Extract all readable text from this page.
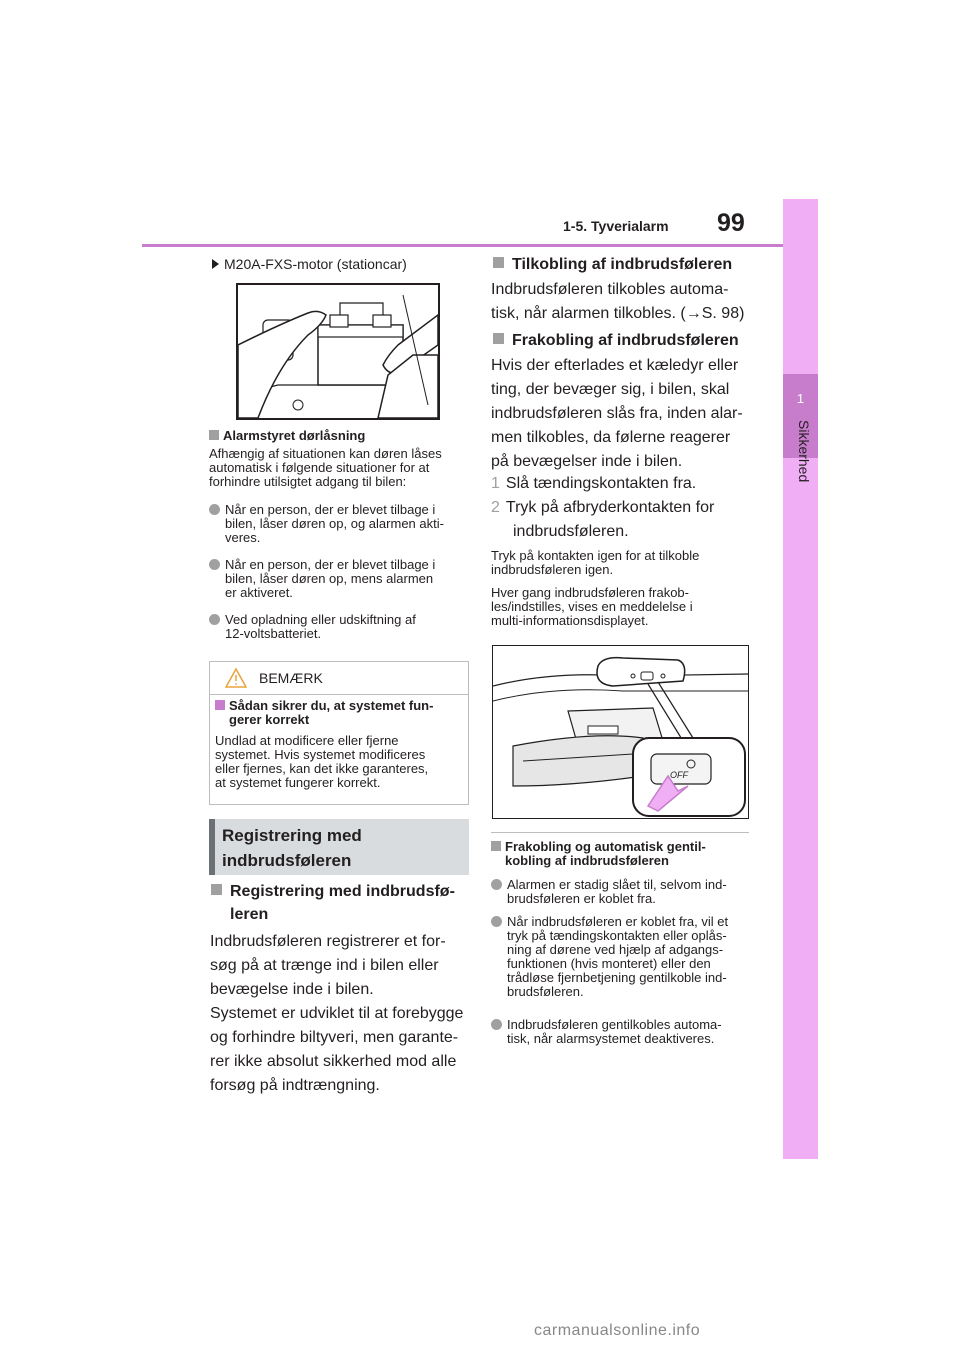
1-5. Tyverialarm 99
1
Sikkerhed
M20A-FXS-motor (stationcar)
Alarmstyret dørlåsning
Afhængig af situationen kan døren låses
automatisk i følgende situationer for at
forhindre utilsigtet adgang til bilen:
Når en person, der er blevet tilbage i
bilen, låser døren op, og alarmen akti-
veres.
Når en person, der er blevet tilbage i
bilen, låser døren op, mens alarmen
er aktiveret.
Ved opladning eller udskiftning af
12-voltsbatteriet.
BEMÆRK
Sådan sikrer du, at systemet fun-
gerer korrekt
Undlad at modificere eller fjerne
systemet. Hvis systemet modificeres
eller fjernes, kan det ikke garanteres,
at systemet fungerer korrekt.
Registrering med
indbrudsføleren
Registrering med indbrudsfø-
leren
Indbrudsføleren registrerer et for-
søg på at trænge ind i bilen eller
bevægelse inde i bilen.
Systemet er udviklet til at forebygge
og forhindre biltyveri, men garante-
rer ikke absolut sikkerhed mod alle
forsøg på indtrængning.
Tilkobling af indbrudsføleren
Indbrudsføleren tilkobles automa-
tisk, når alarmen tilkobles. (→S. 98)
Frakobling af indbrudsføleren
Hvis der efterlades et kæledyr eller
ting, der bevæger sig, i bilen, skal
indbrudsføleren slås fra, inden alar-
men tilkobles, da følerne reagerer
på bevægelser inde i bilen.
1 Slå tændingskontakten fra.
2 Tryk på afbryderkontakten for
indbrudsføleren.
Tryk på kontakten igen for at tilkoble
indbrudsføleren igen.
Hver gang indbrudsføleren frakob-
les/indstilles, vises en meddelelse i
multi-informationsdisplayet.
OFF
Frakobling og automatisk gentil-
kobling af indbrudsføleren
Alarmen er stadig slået til, selvom ind-
brudsføleren er koblet fra.
Når indbrudsføleren er koblet fra, vil et
tryk på tændingskontakten eller oplås-
ning af dørene ved hjælp af adgangs-
funktionen (hvis monteret) eller den
trådløse fjernbetjening gentilkoble ind-
brudsføleren.
Indbrudsføleren gentilkobles automa-
tisk, når alarmsystemet deaktiveres.
carmanualsonline.info
